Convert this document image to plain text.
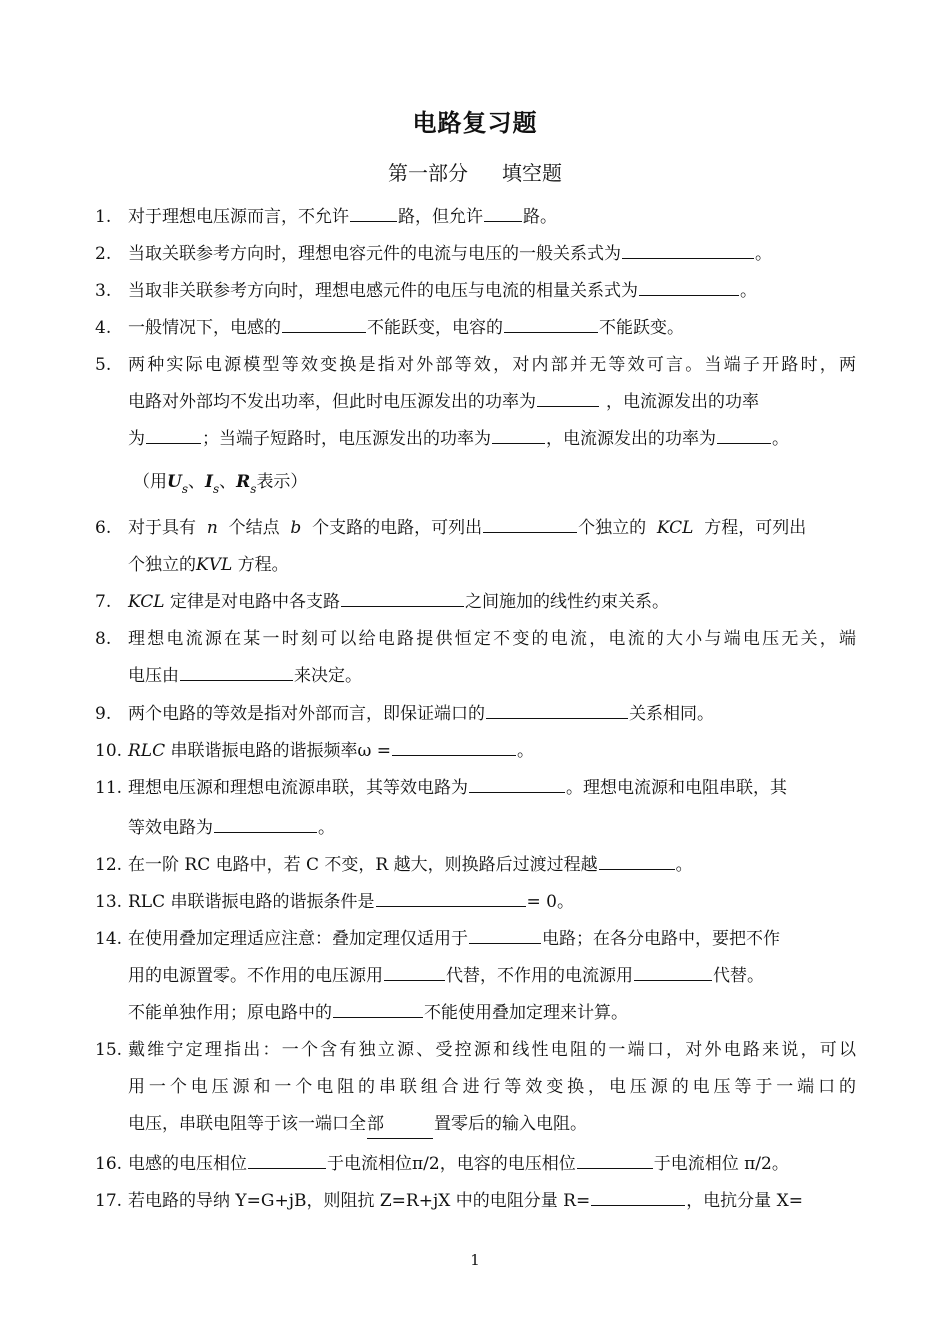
电路复习题
第一部分 填空题
1. 对于理想电压源而言，不允许	路，但允许 路。
2. 当取关联参考方向时，理想电容元件的电流与电压的一般关系式为	。
3. 当取非关联参考方向时，理想电感元件的电压与电流的相量关系式为	。
4. 一般情况下，电感的	不能跃变，电容的	不能跃变。
5. 两种实际电源模型等效变换是指对外部等效，对内部并无等效可言。当端子开路时，两
电路对外部均不发出功率，但此时电压源发出的功率为	，电流源发出的功率
为	；当端子短路时，电压源发出的功率为	，电流源发出的功率为	。
（用$U_s$、$I_s$、$R_s$表示）
6. 对于具有 n 个结点 b 个支路的电路，可列出	个独立的 KCL 方程，可列出
个独立的KVL 方程。
7. KCL 定律是对电路中各支路	之间施加的线性约束关系。
8. 理想电流源在某一时刻可以给电路提供恒定不变的电流，电流的大小与端电压无关，端
电压由	来决定。
9. 两个电路的等效是指对外部而言，即保证端口的	关系相同。
10. RLC 串联谐振电路的谐振频率ω =	。
11. 理想电压源和理想电流源串联，其等效电路为	。理想电流源和电阻串联，其
等效电路为	。
12. 在一阶 RC 电路中，若 C 不变，R 越大，则换路后过渡过程越	。
13. RLC 串联谐振电路的谐振条件是	= 0。
14. 在使用叠加定理适应注意：叠加定理仅适用于	电路；在各分电路中，要把不作
用的电源置零。不作用的电压源用	代替，不作用的电流源用	代替。
不能单独作用；原电路中的	不能使用叠加定理来计算。
15. 戴维宁定理指出：一个含有独立源、受控源和线性电阻的一端口，对外电路来说，可以
用一个电压源和一个电阻的串联组合进行等效变换，电压源的电压等于一端口的
电压，串联电阻等于该一端口全部	置零后的输入电阻。
16. 电感的电压相位	于电流相位π/2，电容的电压相位	于电流相位 π/2。
17. 若电路的导纳 Y=G+jB，则阻抗 Z=R+jX 中的电阻分量 R=	，电抗分量 X=
1
